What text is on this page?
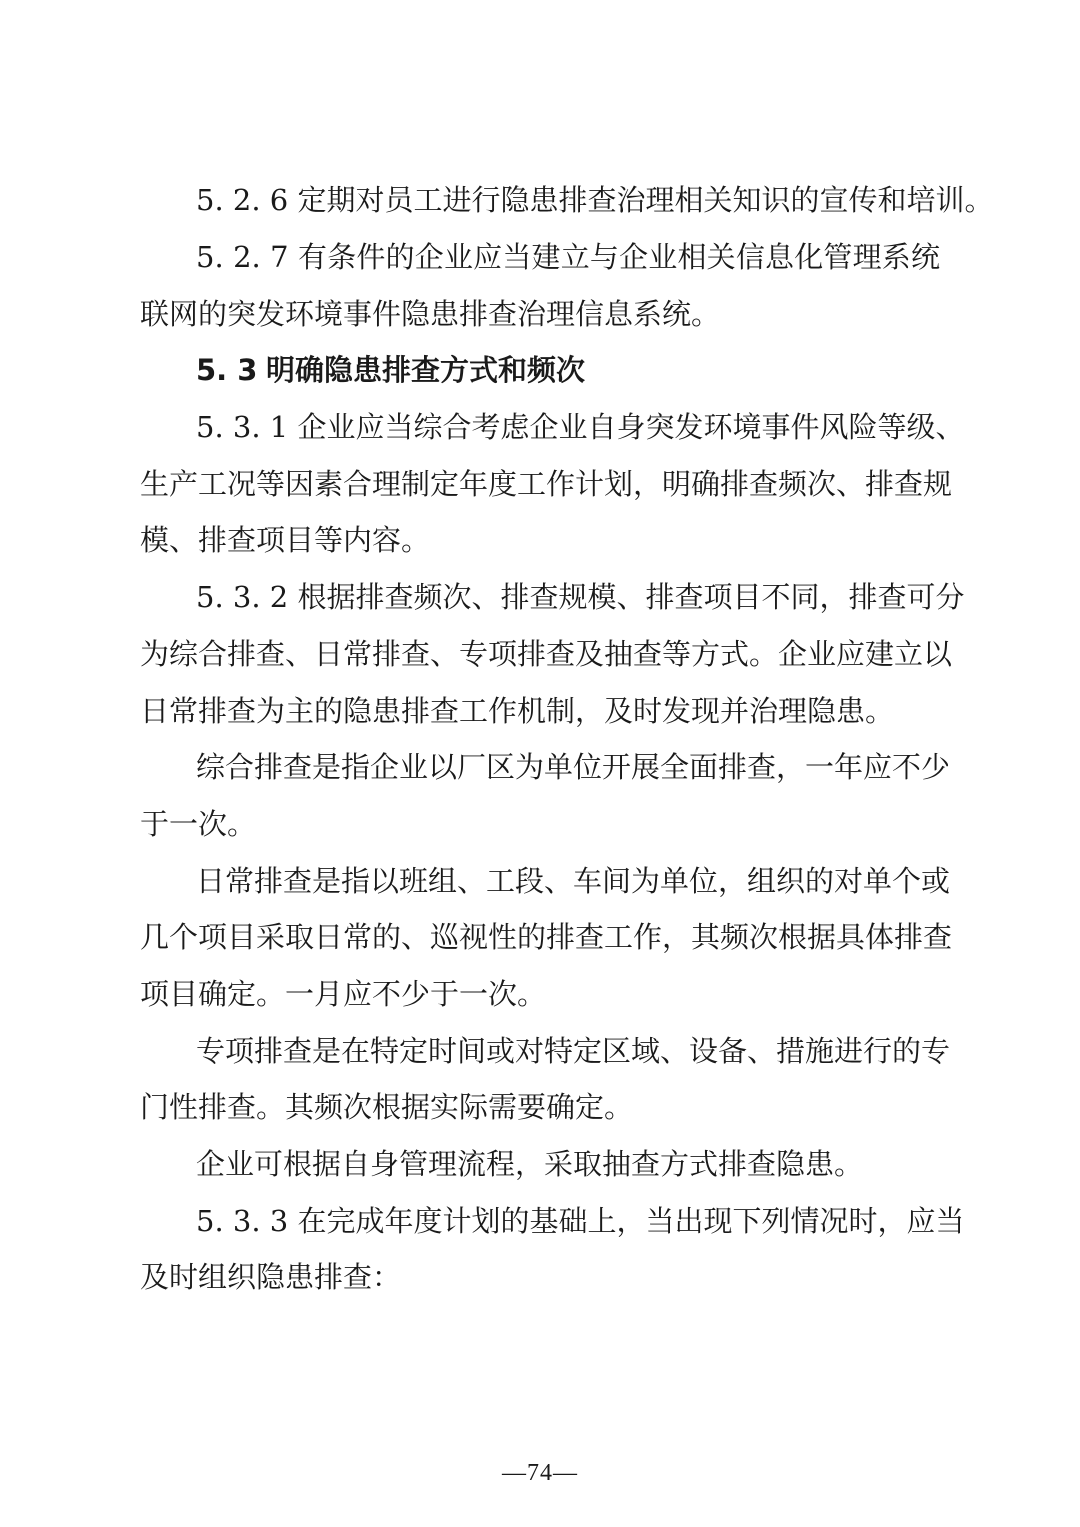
5. 2. 6 定期对员工进行隐患排查治理相关知识的宣传和培训。
5. 2. 7 有条件的企业应当建立与企业相关信息化管理系统
联网的突发环境事件隐患排查治理信息系统。
5. 3 明确隐患排查方式和频次
5. 3. 1 企业应当综合考虑企业自身突发环境事件风险等级、
生产工况等因素合理制定年度工作计划，明确排查频次、排查规
模、排查项目等内容。
5. 3. 2 根据排查频次、排查规模、排查项目不同，排查可分
为综合排查、日常排查、专项排查及抽查等方式。企业应建立以
日常排查为主的隐患排查工作机制，及时发现并治理隐患。
综合排查是指企业以厂区为单位开展全面排查，一年应不少
于一次。
日常排查是指以班组、工段、车间为单位，组织的对单个或
几个项目采取日常的、巡视性的排查工作，其频次根据具体排查
项目确定。一月应不少于一次。
专项排查是在特定时间或对特定区域、设备、措施进行的专
门性排查。其频次根据实际需要确定。
企业可根据自身管理流程，采取抽查方式排查隐患。
5. 3. 3 在完成年度计划的基础上，当出现下列情况时，应当
及时组织隐患排查：
—74—
